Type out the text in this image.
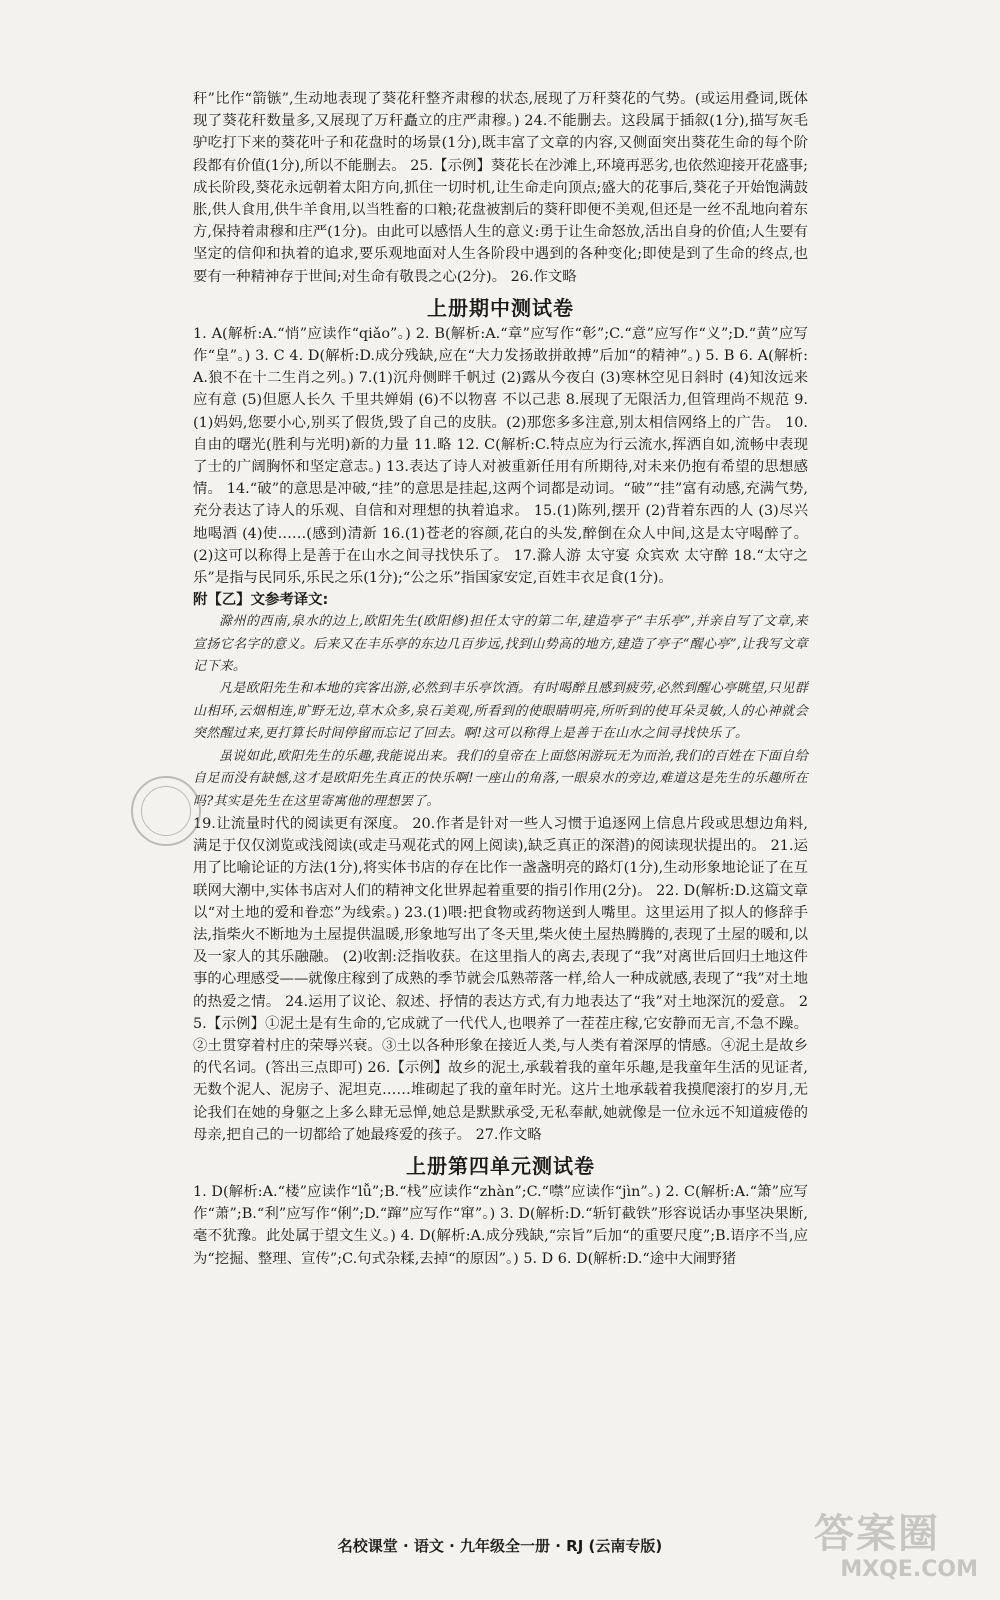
秆”比作“箭镞”,生动地表现了葵花秆整齐肃穆的状态,展现了万秆葵花的气势。(或运用叠词,既体现了葵花秆数量多,又展现了万秆矗立的庄严肃穆。) 24.不能删去。这段属于插叙(1分),描写灰毛驴吃打下来的葵花叶子和花盘时的场景(1分),既丰富了文章的内容,又侧面突出葵花生命的每个阶段都有价值(1分),所以不能删去。 25.【示例】葵花长在沙滩上,环境再恶劣,也依然迎接开花盛事;成长阶段,葵花永远朝着太阳方向,抓住一切时机,让生命走向顶点;盛大的花事后,葵花子开始饱满鼓胀,供人食用,供牛羊食用,以当牲畜的口粮;花盘被割后的葵秆即便不美观,但还是一丝不乱地向着东方,保持着肃穆和庄严(1分)。由此可以感悟人生的意义:勇于让生命怒放,活出自身的价值;人生要有坚定的信仰和执着的追求,要乐观地面对人生各阶段中遇到的各种变化;即使是到了生命的终点,也要有一种精神存于世间;对生命有敬畏之心(2分)。 26.作文略

上册期中测试卷

1. A(解析:A.“悄”应读作“qiǎo”。) 2. B(解析:A.“章”应写作“彰”;C.“意”应写作“义”;D.“黄”应写作“皇”。) 3. C 4. D(解析:D.成分残缺,应在“大力发扬敢拼敢搏”后加“的精神”。) 5. B 6. A(解析:A.狼不在十二生肖之列。) 7.(1)沉舟侧畔千帆过 (2)露从今夜白 (3)寒林空见日斜时 (4)知汝远来应有意 (5)但愿人长久 千里共婵娟 (6)不以物喜 不以己悲 8.展现了无限活力,但管理尚不规范 9.(1)妈妈,您要小心,别买了假货,毁了自己的皮肤。(2)那您多多注意,别太相信网络上的广告。 10.自由的曙光(胜利与光明)新的力量 11.略 12. C(解析:C.特点应为行云流水,挥洒自如,流畅中表现了士的广阔胸怀和坚定意志。) 13.表达了诗人对被重新任用有所期待,对未来仍抱有希望的思想感情。 14.“破”的意思是冲破,“挂”的意思是挂起,这两个词都是动词。“破”“挂”富有动感,充满气势,充分表达了诗人的乐观、自信和对理想的执着追求。 15.(1)陈列,摆开 (2)背着东西的人 (3)尽兴地喝酒 (4)使……(感到)清新 16.(1)苍老的容颜,花白的头发,醉倒在众人中间,这是太守喝醉了。 (2)这可以称得上是善于在山水之间寻找快乐了。 17.滁人游 太守宴 众宾欢 太守醉 18.“太守之乐”是指与民同乐,乐民之乐(1分);“公之乐”指国家安定,百姓丰衣足食(1分)。

附【乙】文参考译文:

滁州的西南,泉水的边上,欧阳先生(欧阳修)担任太守的第二年,建造亭子“丰乐亭”,并亲自写了文章,来宣扬它名字的意义。后来又在丰乐亭的东边几百步远,找到山势高的地方,建造了亭子“醒心亭”,让我写文章记下来。

凡是欧阳先生和本地的宾客出游,必然到丰乐亭饮酒。有时喝醉且感到疲劳,必然到醒心亭眺望,只见群山相环,云烟相连,旷野无边,草木众多,泉石美观,所看到的使眼睛明亮,所听到的使耳朵灵敏,人的心神就会突然醒过来,更打算长时间停留而忘记了回去。啊!这可以称得上是善于在山水之间寻找快乐了。

虽说如此,欧阳先生的乐趣,我能说出来。我们的皇帝在上面悠闲游玩无为而治,我们的百姓在下面自给自足而没有缺憾,这才是欧阳先生真正的快乐啊!一座山的角落,一眼泉水的旁边,难道这是先生的乐趣所在吗?其实是先生在这里寄寓他的理想罢了。

19.让流量时代的阅读更有深度。 20.作者是针对一些人习惯于追逐网上信息片段或思想边角料,满足于仅仅浏览或浅阅读(或走马观花式的网上阅读),缺乏真正的深潜)的阅读现状提出的。 21.运用了比喻论证的方法(1分),将实体书店的存在比作一盏盏明亮的路灯(1分),生动形象地论证了在互联网大潮中,实体书店对人们的精神文化世界起着重要的指引作用(2分)。 22. D(解析:D.这篇文章以“对土地的爱和眷恋”为线索。) 23.(1)喂:把食物或药物送到人嘴里。这里运用了拟人的修辞手法,指柴火不断地为土屋提供温暖,形象地写出了冬天里,柴火使土屋热腾腾的,表现了土屋的暖和,以及一家人的其乐融融。 (2)收割:泛指收获。在这里指人的离去,表现了“我”对离世后回归土地这件事的心理感受——就像庄稼到了成熟的季节就会瓜熟蒂落一样,给人一种成就感,表现了“我”对土地的热爱之情。 24.运用了议论、叙述、抒情的表达方式,有力地表达了“我”对土地深沉的爱意。 25.【示例】①泥土是有生命的,它成就了一代代人,也喂养了一茬茬庄稼,它安静而无言,不急不躁。②土贯穿着村庄的荣辱兴衰。③土以各种形象在接近人类,与人类有着深厚的情感。④泥土是故乡的代名词。(答出三点即可) 26.【示例】故乡的泥土,承载着我的童年乐趣,是我童年生活的见证者,无数个泥人、泥房子、泥坦克……堆砌起了我的童年时光。这片土地承载着我摸爬滚打的岁月,无论我们在她的身躯之上多么肆无忌惮,她总是默默承受,无私奉献,她就像是一位永远不知道疲倦的母亲,把自己的一切都给了她最疼爱的孩子。 27.作文略

上册第四单元测试卷

1. D(解析:A.“楼”应读作“lǚ”;B.“栈”应读作“zhàn”;C.“噤”应读作“jìn”。) 2. C(解析:A.“箫”应写作“萧”;B.“利”应写作“俐”;D.“蹿”应写作“窜”。) 3. D(解析:D.“斩钉截铁”形容说话办事坚决果断,毫不犹豫。此处属于望文生义。) 4. D(解析:A.成分残缺,“宗旨”后加“的重要尺度”;B.语序不当,应为“挖掘、整理、宣传”;C.句式杂糅,去掉“的原因”。) 5. D 6. D(解析:D.“途中大闹野猪

名校课堂 · 语文 · 九年级全一册 · RJ (云南专版)	答案圈
MXQE.COM
